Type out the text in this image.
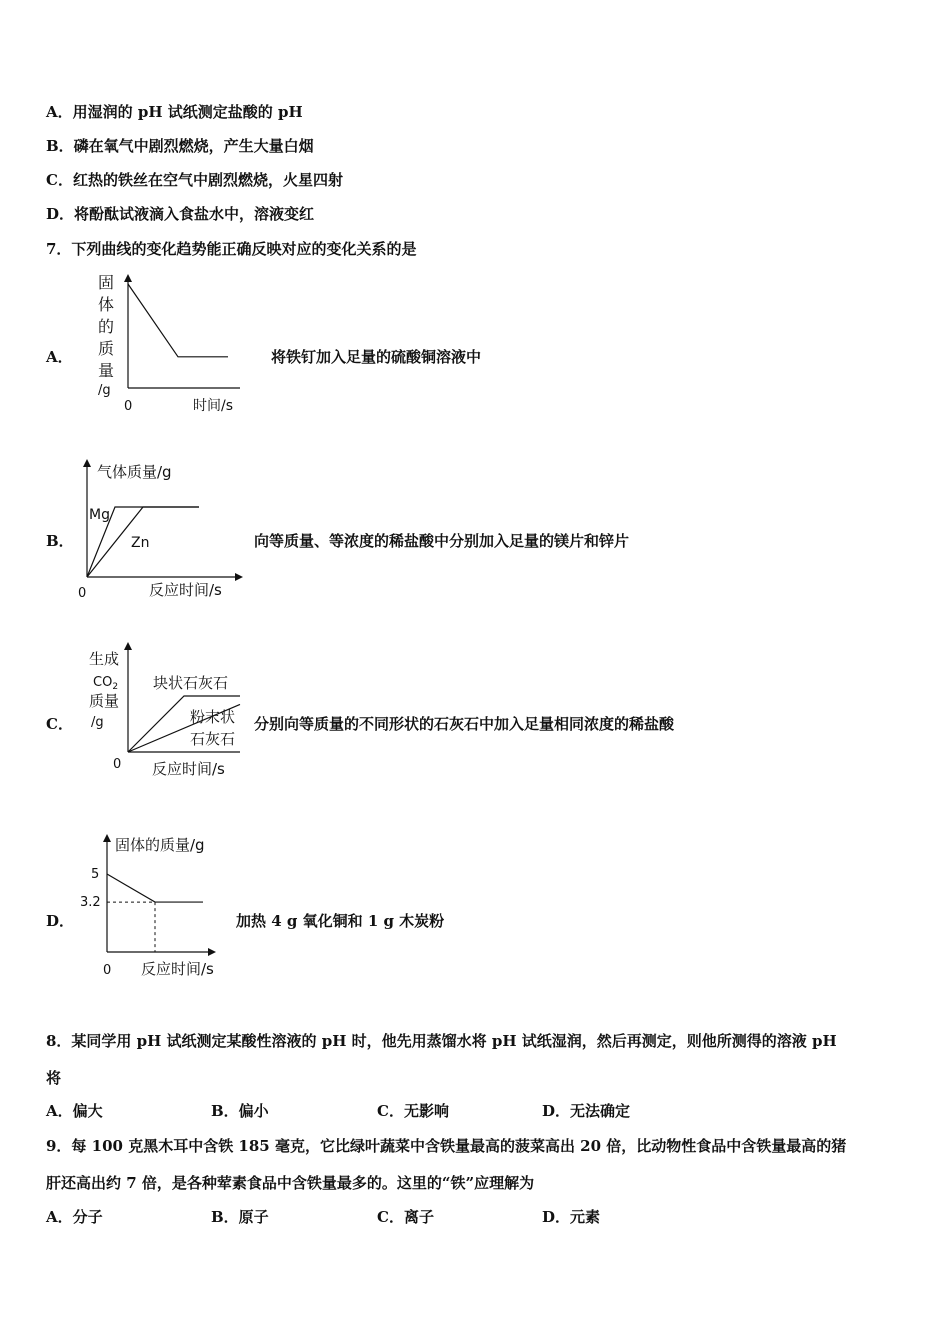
A．用湿润的 pH 试纸测定盐酸的 pH
B．磷在氧气中剧烈燃烧，产生大量白烟
C．红热的铁丝在空气中剧烈燃烧，火星四射
D．将酚酞试液滴入食盐水中，溶液变红
7．下列曲线的变化趋势能正确反映对应的变化关系的是
A．
固
体
的
质
量
/g
0	时间/s
将铁钉加入足量的硫酸铜溶液中
B．
气体质量/g
Mg
Zn
0	反应时间/s
向等质量、等浓度的稀盐酸中分别加入足量的镁片和锌片
C．
生成
$CO_2$
质量
/g
块状石灰石
粉末状
石灰石
0 反应时间/s
分别向等质量的不同形状的石灰石中加入足量相同浓度的稀盐酸
D．
固体的质量/g
5
3.2
0 反应时间/s
加热 4 g 氧化铜和 1 g 木炭粉
8．某同学用 pH 试纸测定某酸性溶液的 pH 时，他先用蒸馏水将 pH 试纸湿润，然后再测定，则他所测得的溶液 pH
将
A．偏大	B．偏小	C．无影响	D．无法确定
9．每 100 克黑木耳中含铁 185 毫克，它比绿叶蔬菜中含铁量最高的菠菜高出 20 倍，比动物性食品中含铁量最高的猪
肝还高出约 7 倍，是各种荤素食品中含铁量最多的。这里的“铁”应理解为
A．分子	B．原子	C．离子	D．元素
